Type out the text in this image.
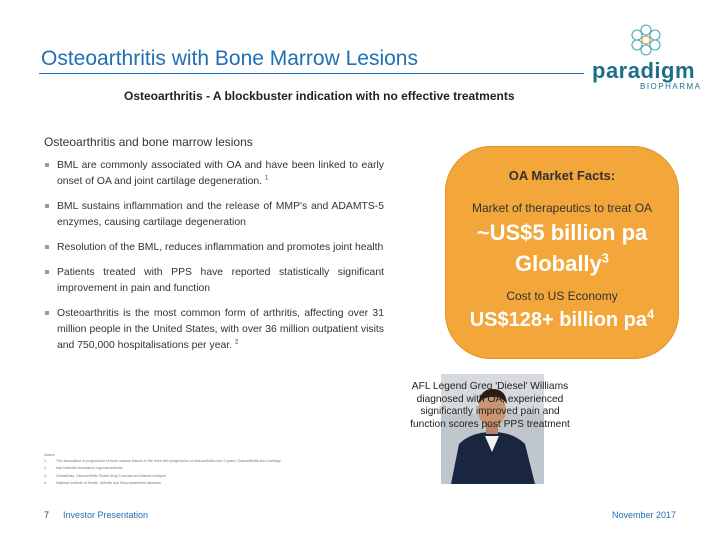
Osteoarthritis with Bone Marrow Lesions	paradigm
BIOPHARMA
Osteoarthritis - A blockbuster indication with no effective treatments
Osteoarthritis and bone marrow lesions
BML are commonly associated with OA and have been linked to early onset of OA and joint cartilage degeneration. $^1$
BML sustains inflammation and the release of MMP's and ADAMTS-5 enzymes, causing cartilage degeneration
Resolution of the BML, reduces inflammation and promotes joint health
Patients treated with PPS have reported statistically significant improvement in pain and function
Osteoarthritis is the most common form of arthritis, affecting over 31 million people in the United States, with over 36 million outpatient visits and 750,000 hospitalisations per year. $^2$
Notes
1.	The association of progression of bone marrow lesions in the knee with progression of osteoarthritis over 2 years; Osteoarthritis and Cartilage
2.	http://arthritis-foundation.org/osteoarthritis
3.	GlobalData, Osteoarthritis Global Drug Forecast and Market Analysis
4.	National Institute of Health, Arthritis and Musculoskeletal diseases
OA Market Facts:
Market of therapeutics to treat OA
~US$5 billion pa
Globally$^3$
Cost to US Economy
US$128+ billion $pa^4$
AFL Legend Greg 'Diesel' Williams diagnosed with OA, experienced significantly improved pain and function scores post PPS treatment
7 Investor Presentation	November 2017
